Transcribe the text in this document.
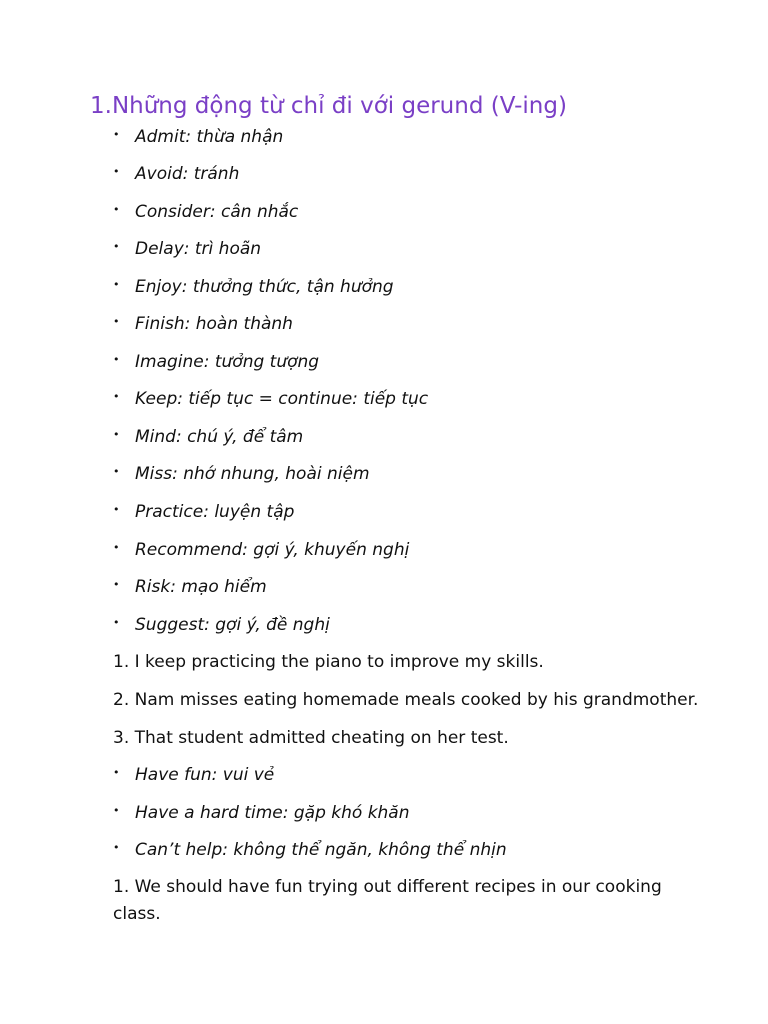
1.Những động từ chỉ đi với gerund (V-ing)
• Admit: thừa nhận
• Avoid: tránh
• Consider: cân nhắc
• Delay: trì hoãn
• Enjoy: thưởng thức, tận hưởng
• Finish: hoàn thành
• Imagine: tưởng tượng
• Keep: tiếp tục = continue: tiếp tục
• Mind: chú ý, để tâm
• Miss: nhớ nhung, hoài niệm
• Practice: luyện tập
• Recommend: gợi ý, khuyến nghị
• Risk: mạo hiểm
• Suggest: gợi ý, đề nghị
1. I keep practicing the piano to improve my skills.
2. Nam misses eating homemade meals cooked by his grandmother.
3. That student admitted cheating on her test.
• Have fun: vui vẻ
• Have a hard time: gặp khó khăn
• Can’t help: không thể ngăn, không thể nhịn
1. We should have fun trying out different recipes in our cooking class.
